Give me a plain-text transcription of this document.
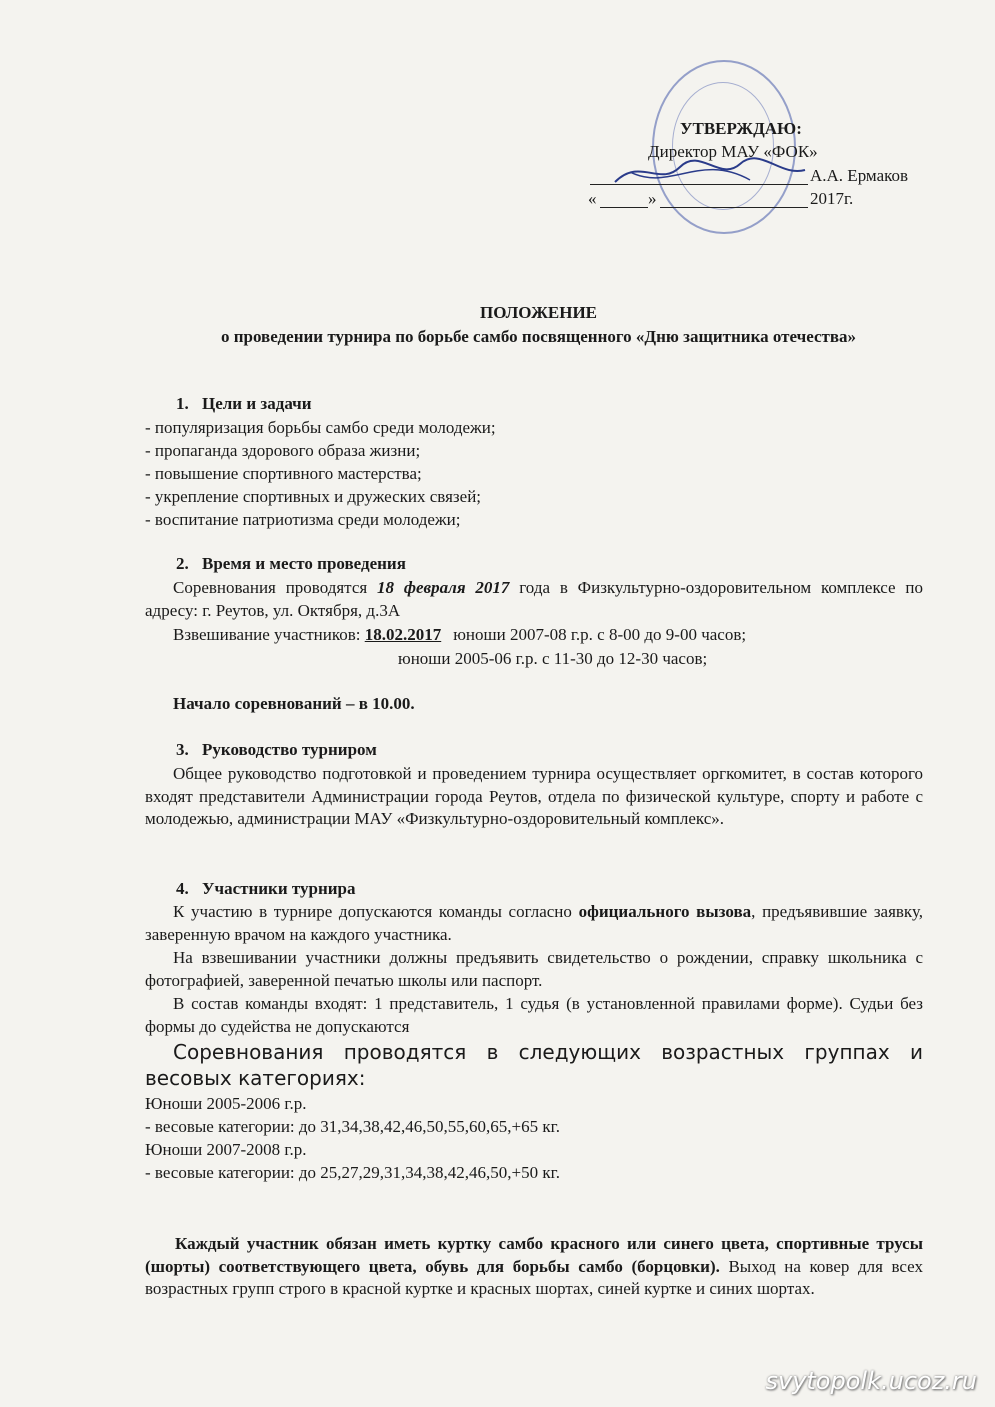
УТВЕРЖДАЮ:
Директор МАУ «ФОК»
А.А. Ермаков
«	»	2017г.
ПОЛОЖЕНИЕ
о проведении турнира по борьбе самбо посвященного «Дню защитника отечества»
1. Цели и задачи
- популяризация борьбы самбо среди молодежи;
- пропаганда здорового образа жизни;
- повышение спортивного мастерства;
- укрепление спортивных и дружеских связей;
- воспитание патриотизма среди молодежи;
2. Время и место проведения
Соревнования проводятся 18 февраля 2017 года в Физкультурно-оздоровительном комплексе по адресу: г. Реутов, ул. Октября, д.3А
Взвешивание участников: 18.02.2017 юноши 2007-08 г.р. с 8-00 до 9-00 часов;
юноши 2005-06 г.р. с 11-30 до 12-30 часов;
Начало соревнований – в 10.00.
3. Руководство турниром
Общее руководство подготовкой и проведением турнира осуществляет оргкомитет, в состав которого входят представители Администрации города Реутов, отдела по физической культуре, спорту и работе с молодежью, администрации МАУ «Физкультурно-оздоровительный комплекс».
4. Участники турнира
К участию в турнире допускаются команды согласно официального вызова, предъявившие заявку, заверенную врачом на каждого участника.
На взвешивании участники должны предъявить свидетельство о рождении, справку школьника с фотографией, заверенной печатью школы или паспорт.
В состав команды входят: 1 представитель, 1 судья (в установленной правилами форме). Судьи без формы до судейства не допускаются
Соревнования проводятся в следующих возрастных группах и весовых категориях:
Юноши 2005-2006 г.р.
- весовые категории: до 31,34,38,42,46,50,55,60,65,+65 кг.
Юноши 2007-2008 г.р.
- весовые категории: до 25,27,29,31,34,38,42,46,50,+50 кг.
Каждый участник обязан иметь куртку самбо красного или синего цвета, спортивные трусы (шорты) соответствующего цвета, обувь для борьбы самбо (борцовки). Выход на ковер для всех возрастных групп строго в красной куртке и красных шортах, синей куртке и синих шортах.
svytopolk.ucoz.ru
